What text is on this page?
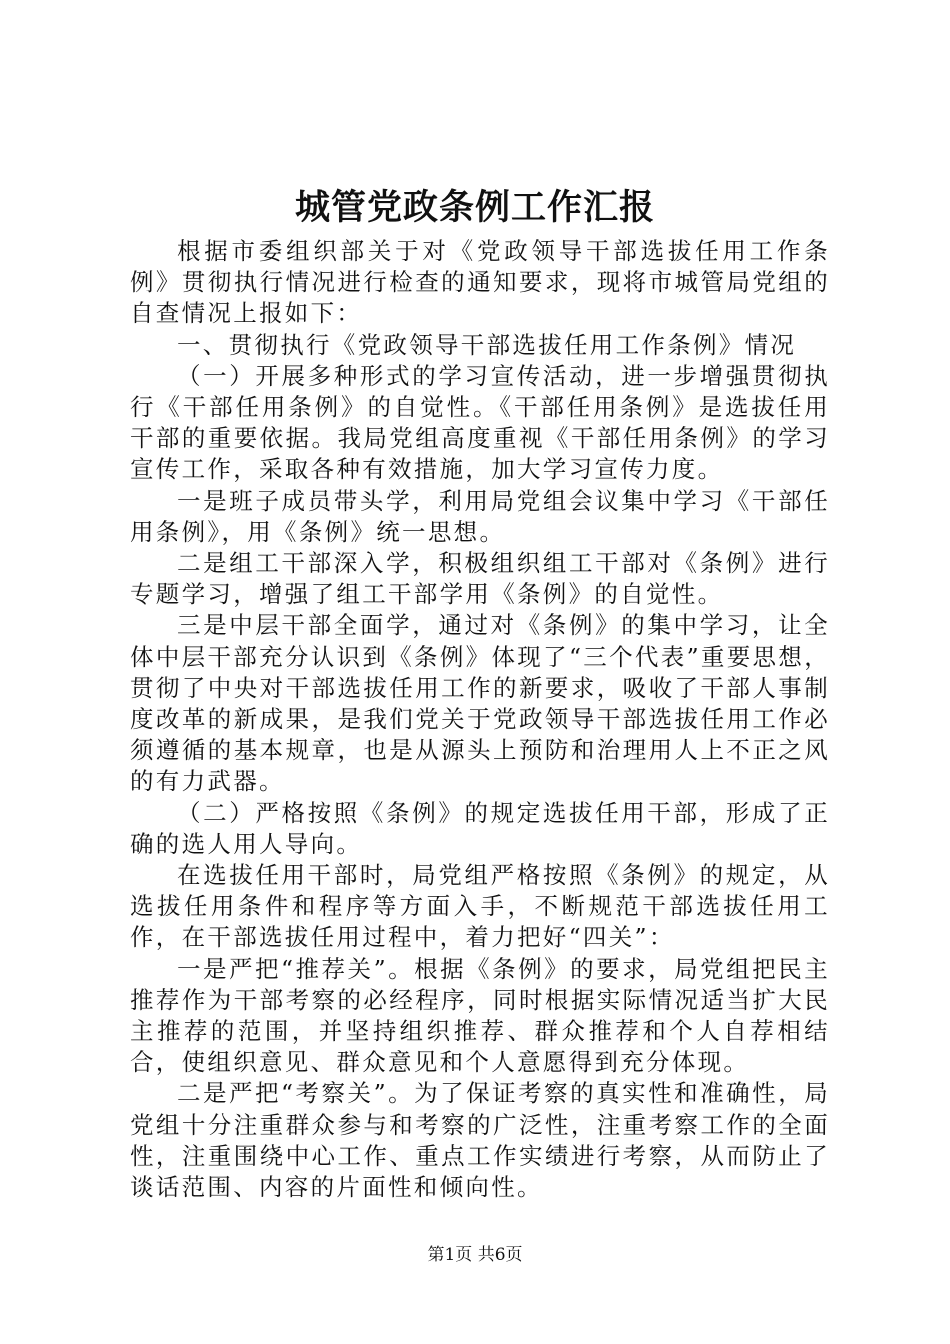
城管党政条例工作汇报

根据市委组织部关于对《党政领导干部选拔任用工作条例》贯彻执行情况进行检查的通知要求，现将市城管局党组的自查情况上报如下：

一、贯彻执行《党政领导干部选拔任用工作条例》情况

（一）开展多种形式的学习宣传活动，进一步增强贯彻执行《干部任用条例》的自觉性。《干部任用条例》是选拔任用干部的重要依据。我局党组高度重视《干部任用条例》的学习宣传工作，采取各种有效措施，加大学习宣传力度。

一是班子成员带头学，利用局党组会议集中学习《干部任用条例》，用《条例》统一思想。

二是组工干部深入学，积极组织组工干部对《条例》进行专题学习，增强了组工干部学用《条例》的自觉性。

三是中层干部全面学，通过对《条例》的集中学习，让全体中层干部充分认识到《条例》体现了“三个代表”重要思想，贯彻了中央对干部选拔任用工作的新要求，吸收了干部人事制度改革的新成果，是我们党关于党政领导干部选拔任用工作必须遵循的基本规章，也是从源头上预防和治理用人上不正之风的有力武器。

（二）严格按照《条例》的规定选拔任用干部，形成了正确的选人用人导向。

在选拔任用干部时，局党组严格按照《条例》的规定，从选拔任用条件和程序等方面入手，不断规范干部选拔任用工作，在干部选拔任用过程中，着力把好“四关”：

一是严把“推荐关”。根据《条例》的要求，局党组把民主推荐作为干部考察的必经程序，同时根据实际情况适当扩大民主推荐的范围，并坚持组织推荐、群众推荐和个人自荐相结合，使组织意见、群众意见和个人意愿得到充分体现。

二是严把“考察关”。为了保证考察的真实性和准确性，局党组十分注重群众参与和考察的广泛性，注重考察工作的全面性，注重围绕中心工作、重点工作实绩进行考察，从而防止了谈话范围、内容的片面性和倾向性。

第1页 共6页
